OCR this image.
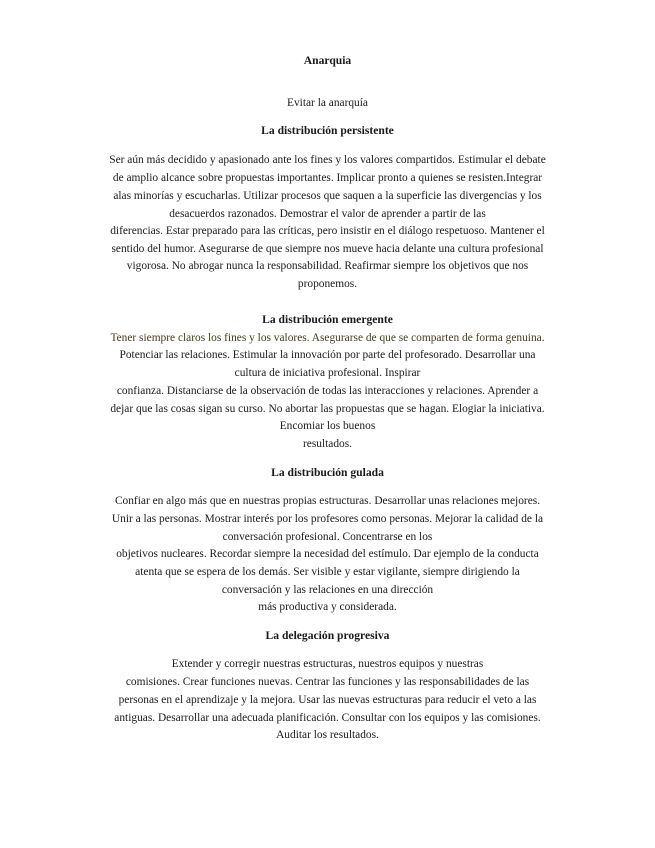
Anarquia
Evitar la anarquía
La distribución persistente
Ser aún más decidido y apasionado ante los fines y los valores compartidos. Estimular el debate
de amplio alcance sobre propuestas importantes. Implicar pronto a quienes se resisten.Integrar
alas minorías y escucharlas. Utilizar procesos que saquen a la superficie las divergencias y los
desacuerdos razonados. Demostrar el valor de aprender a partir de las
diferencias. Estar preparado para las críticas, pero insistir en el diálogo respetuoso. Mantener el
sentido del humor. Asegurarse de que siempre nos mueve hacia delante una cultura profesional
vigorosa. No abrogar nunca la responsabilidad. Reafirmar siempre los objetivos que nos
proponemos.
La distribución emergente
Tener siempre claros los fines y los valores. Asegurarse de que se comparten de forma genuina.
Potenciar las relaciones. Estimular la innovación por parte del profesorado. Desarrollar una
cultura de iniciativa profesional. Inspirar
confianza. Distanciarse de la observación de todas las interacciones y relaciones. Aprender a
dejar que las cosas sigan su curso. No abortar las propuestas que se hagan. Elogiar la iniciativa.
Encomiar los buenos
resultados.
La distribución gulada
Confiar en algo más que en nuestras propias estructuras. Desarrollar unas relaciones mejores.
Unir a las personas. Mostrar interés por los profesores como personas. Mejorar la calidad de la
conversación profesional. Concentrarse en los
objetivos nucleares. Recordar siempre la necesidad del estímulo. Dar ejemplo de la conducta
atenta que se espera de los demás. Ser visible y estar vigilante, siempre dirigiendo la
conversación y las relaciones en una dirección
más productiva y considerada.
La delegación progresiva
Extender y corregir nuestras estructuras, nuestros equipos y nuestras
comisiones. Crear funciones nuevas. Centrar las funciones y las responsabilidades de las
personas en el aprendizaje y la mejora. Usar las nuevas estructuras para reducir el veto a las
antiguas. Desarrollar una adecuada planificación. Consultar con los equipos y las comisiones.
Auditar los resultados.
